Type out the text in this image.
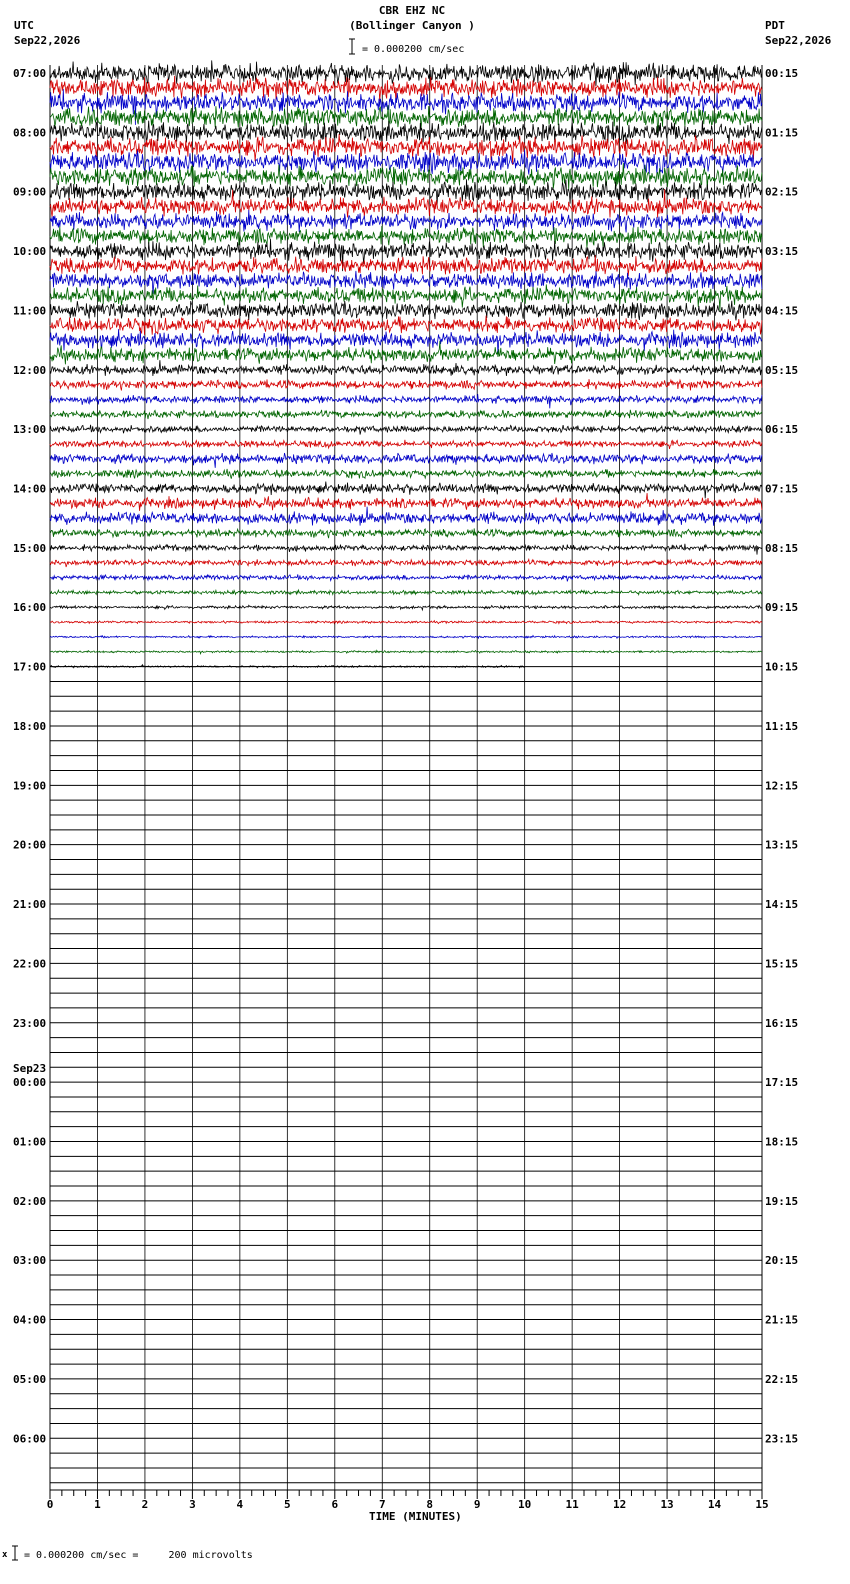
CBR EHZ NC
(Bollinger Canyon )
UTC
Sep22,2026
PDT
Sep22,2026
= 0.000200 cm/sec
0	1	2	3	4	5	6	7	8	9	10	11	12	13	14	15
07:00	00:15
08:00	01:15
09:00	02:15
10:00	03:15
11:00	04:15
12:00	05:15
13:00	06:15
14:00	07:15
15:00	08:15
16:00	09:15
17:00	10:15
18:00	11:15
19:00	12:15
20:00	13:15
21:00	14:15
22:00	15:15
23:00	16:15
00:00	17:15
Sep23
01:00	18:15
02:00	19:15
03:00	20:15
04:00	21:15
05:00	22:15
06:00	23:15
TIME (MINUTES)
x = 0.000200 cm/sec =     200 microvolts
